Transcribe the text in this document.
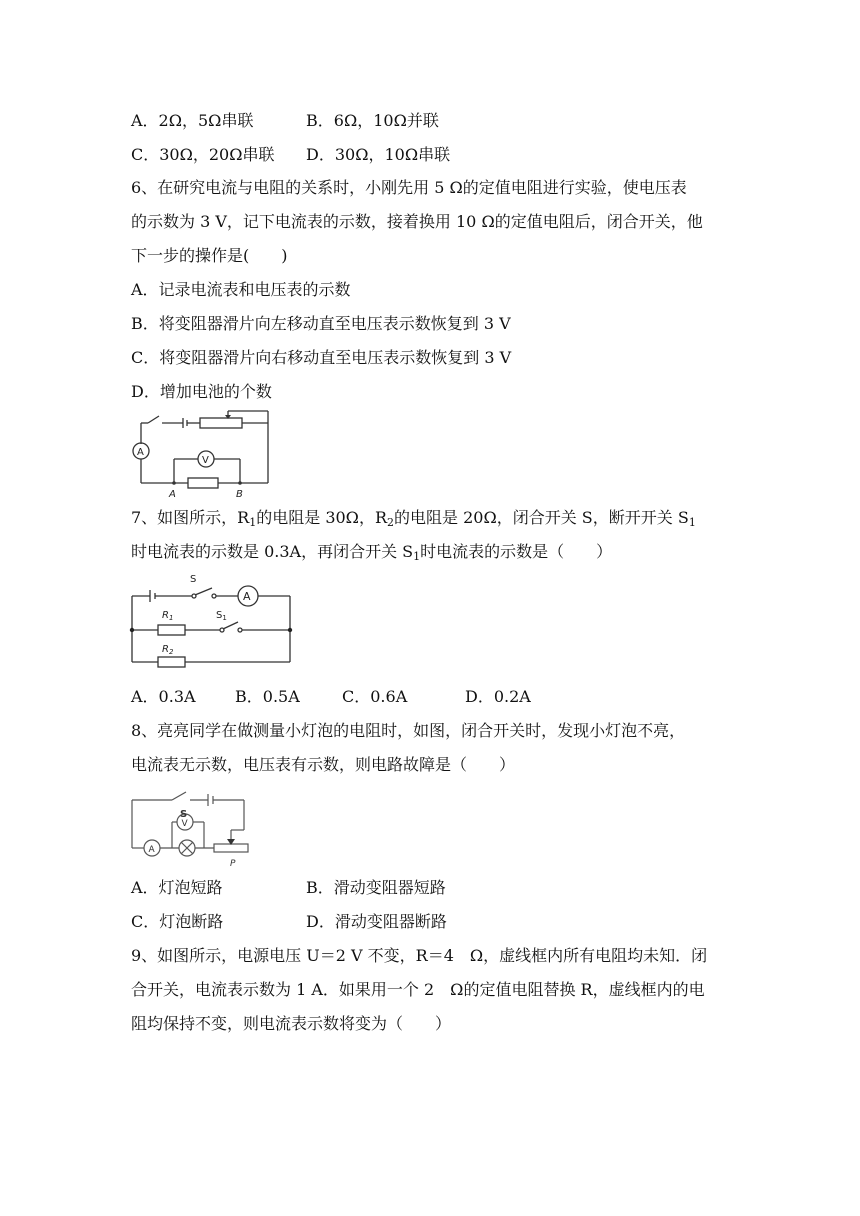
A．2Ω，5Ω串联	B．6Ω，10Ω并联
C．30Ω，20Ω串联 D．30Ω，10Ω串联
6、在研究电流与电阻的关系时，小刚先用 5 Ω的定值电阻进行实验，使电压表
的示数为 3 V，记下电流表的示数，接着换用 10 Ω的定值电阻后，闭合开关，他
下一步的操作是(　　)
A．记录电流表和电压表的示数
B．将变阻器滑片向左移动直至电压表示数恢复到 3 V
C．将变阻器滑片向右移动直至电压表示数恢复到 3 V
D．增加电池的个数
A
V
A	B
7、如图所示，$R_1$的电阻是 30Ω，$R_2$的电阻是 20Ω，闭合开关 S，断开开关 $S_1$
时电流表的示数是 0.3A，再闭合开关 $S_1$时电流表的示数是（　　）
S
A
$R_1$	$S_1$
$R_2$
A．0.3A B．0.5A	C．0.6A	D．0.2A
8、亮亮同学在做测量小灯泡的电阻时，如图，闭合开关时，发现小灯泡不亮，
电流表无示数，电压表有示数，则电路故障是（　　）
S
V
A
P
A．灯泡短路	B．滑动变阻器短路
C．灯泡断路	D．滑动变阻器断路
9、如图所示，电源电压 U＝2 V 不变，R＝4　Ω，虚线框内所有电阻均未知．闭
合开关，电流表示数为 1 A．如果用一个 2　Ω的定值电阻替换 R，虚线框内的电
阻均保持不变，则电流表示数将变为（　　）
